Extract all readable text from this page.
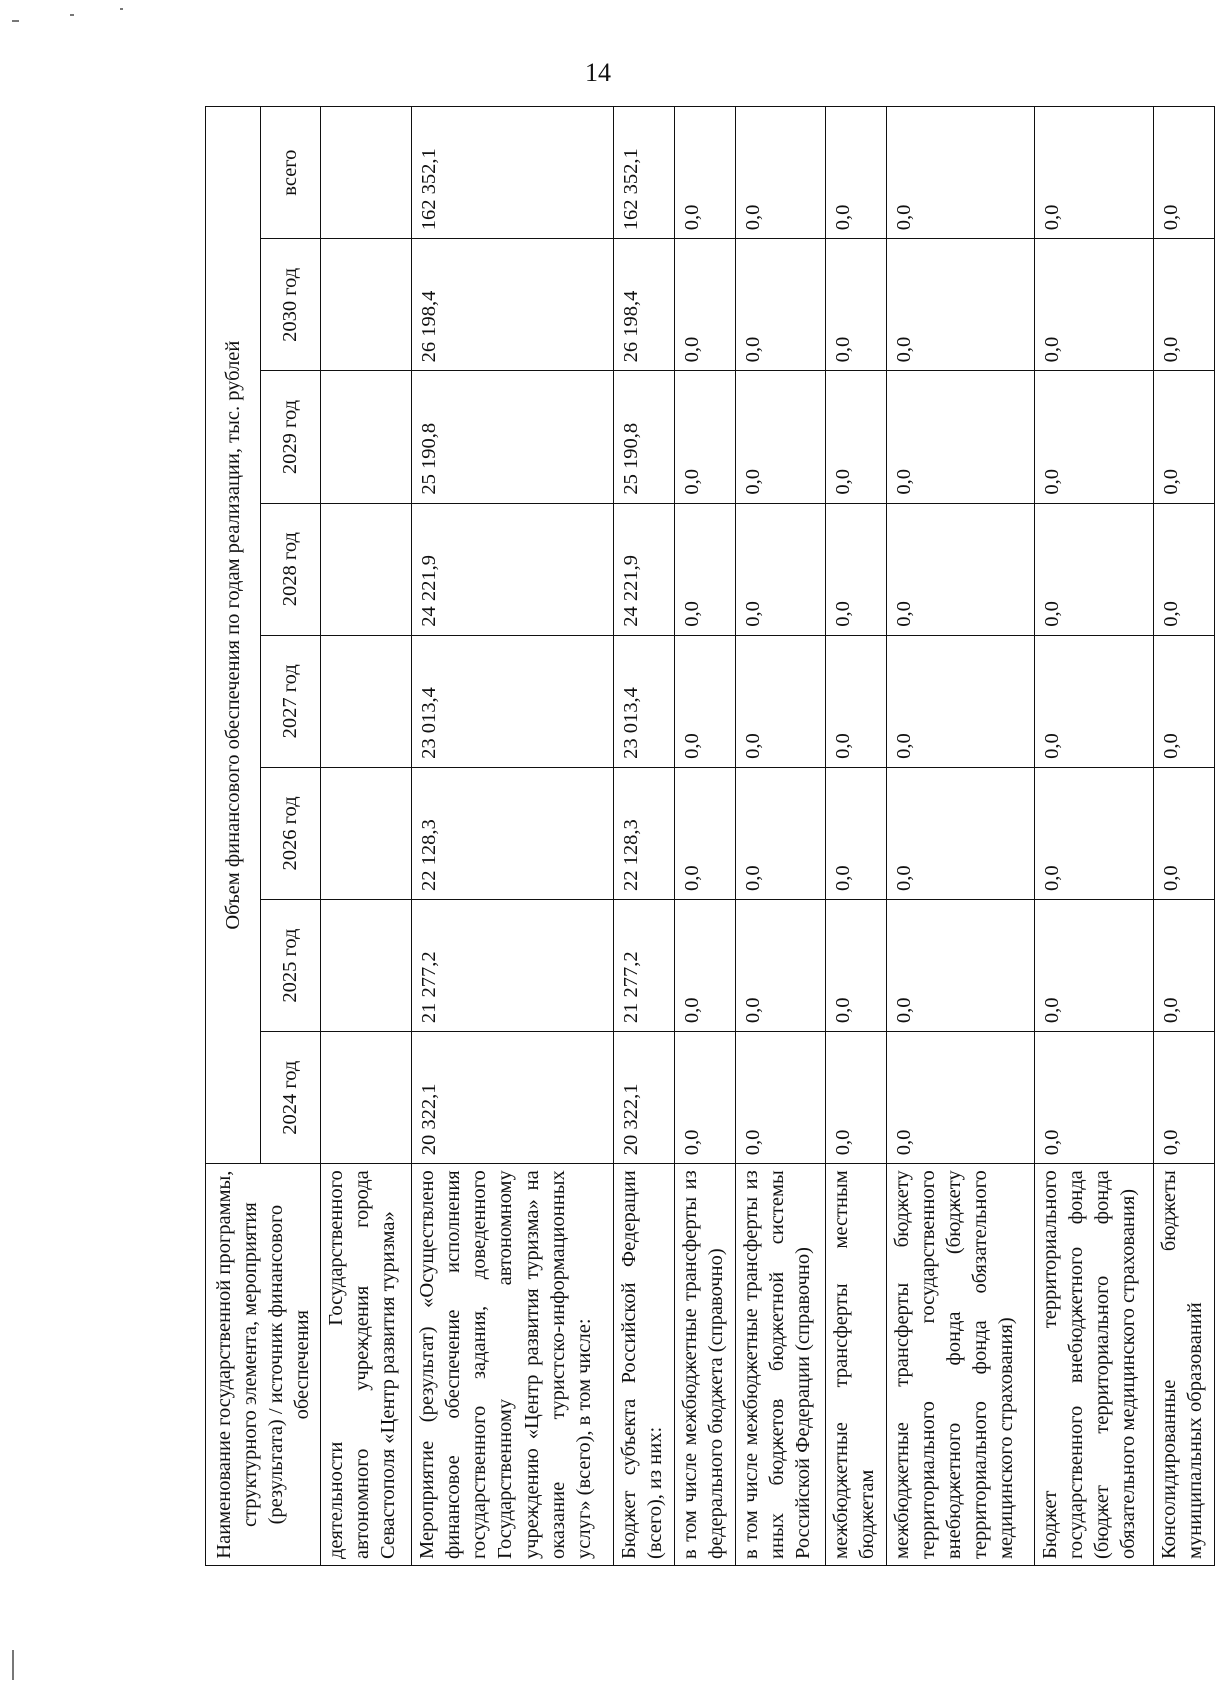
14
Наименование государственной программы, структурного элемента, мероприятия (результата) / источник финансового обеспечения	Объем финансового обеспечения по годам реализации, тыс. рублей							
	2024 год	2025 год	2026 год	2027 год	2028 год	2029 год	2030 год	всего
деятельности Государственного автономного учреждения города Севастополя «Центр развития туризма»								
Мероприятие (результат) «Осуществлено финансовое обеспечение исполнения государственного задания, доведенного Государственному автономному учреждению «Центр развития туризма» на оказание туристско-информационных услуг» (всего), в том числе:	20 322,1	21 277,2	22 128,3	23 013,4	24 221,9	25 190,8	26 198,4	162 352,1
Бюджет субъекта Российской Федерации (всего), из них:	20 322,1	21 277,2	22 128,3	23 013,4	24 221,9	25 190,8	26 198,4	162 352,1
в том числе межбюджетные трансферты из федерального бюджета (справочно)	0,0	0,0	0,0	0,0	0,0	0,0	0,0	0,0
в том числе межбюджетные трансферты из иных бюджетов бюджетной системы Российской Федерации (справочно)	0,0	0,0	0,0	0,0	0,0	0,0	0,0	0,0
межбюджетные трансферты местным бюджетам	0,0	0,0	0,0	0,0	0,0	0,0	0,0	0,0
межбюджетные трансферты бюджету территориального государственного внебюджетного фонда (бюджету территориального фонда обязательного медицинского страхования)	0,0	0,0	0,0	0,0	0,0	0,0	0,0	0,0
Бюджет территориального государственного внебюджетного фонда (бюджет территориального фонда обязательного медицинского страхования)	0,0	0,0	0,0	0,0	0,0	0,0	0,0	0,0
Консолидированные бюджеты муниципальных образований	0,0	0,0	0,0	0,0	0,0	0,0	0,0	0,0
